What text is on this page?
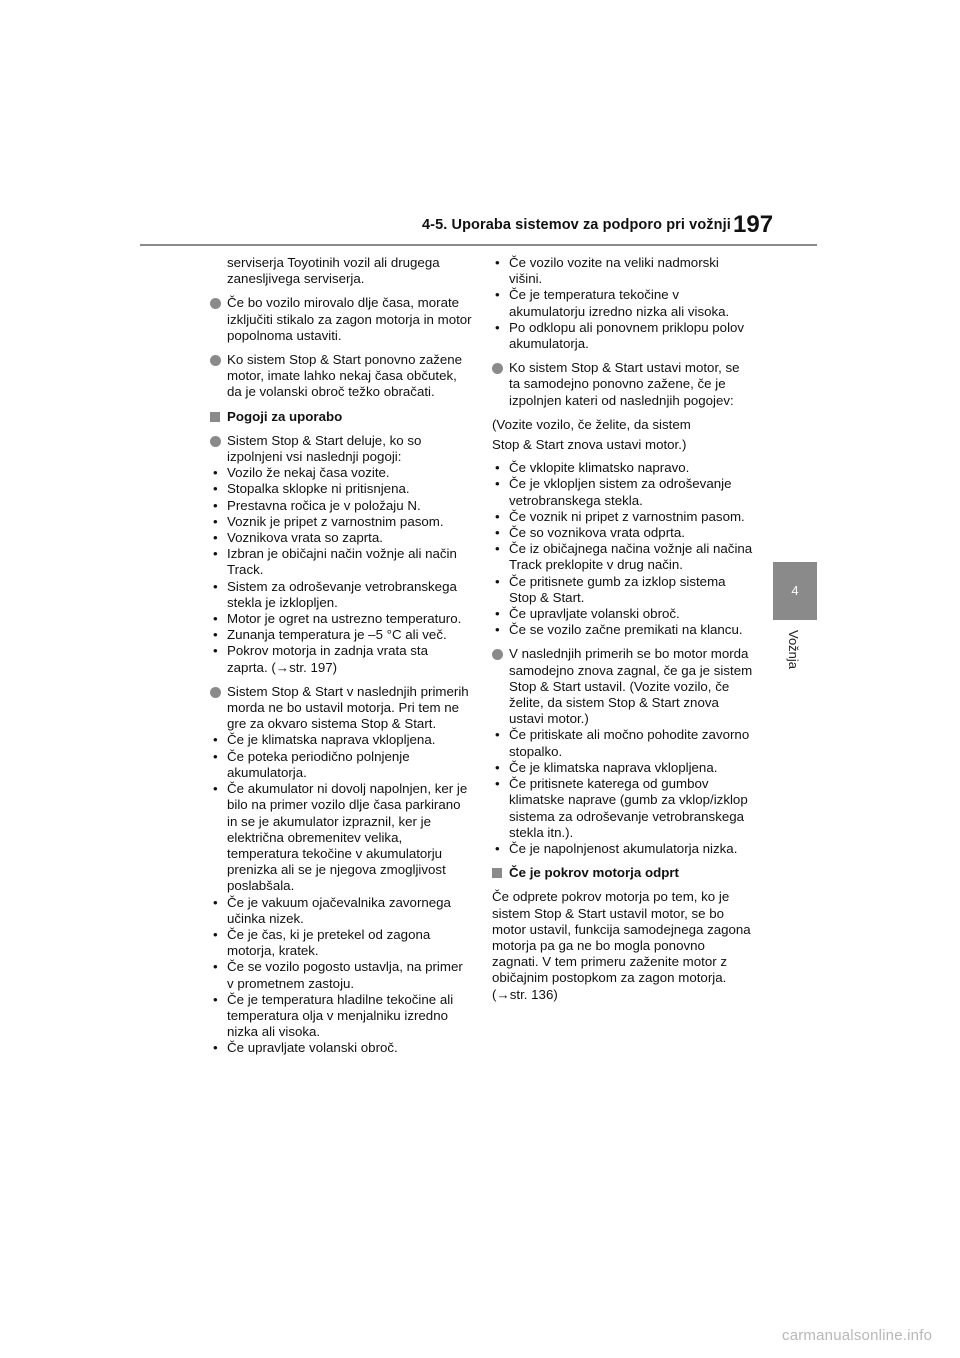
4-5. Uporaba sistemov za podporo pri vožnji 197
4
Vožnja
serviserja Toyotinih vozil ali drugega zanesljivega serviserja.
Če bo vozilo mirovalo dlje časa, morate izključiti stikalo za zagon motorja in motor popolnoma ustaviti.
Ko sistem Stop & Start ponovno zažene motor, imate lahko nekaj časa občutek, da je volanski obroč težko obračati.
Pogoji za uporabo
Sistem Stop & Start deluje, ko so izpolnjeni vsi naslednji pogoji:
• Vozilo že nekaj časa vozite.
• Stopalka sklopke ni pritisnjena.
• Prestavna ročica je v položaju N.
• Voznik je pripet z varnostnim pasom.
• Voznikova vrata so zaprta.
• Izbran je običajni način vožnje ali način Track.
• Sistem za odroševanje vetrobranskega stekla je izklopljen.
• Motor je ogret na ustrezno temperaturo.
• Zunanja temperatura je –5 °C ali več.
• Pokrov motorja in zadnja vrata sta zaprta. (→str. 197)
Sistem Stop & Start v naslednjih primerih morda ne bo ustavil motorja. Pri tem ne gre za okvaro sistema Stop & Start.
• Če je klimatska naprava vklopljena.
• Če poteka periodično polnjenje akumulatorja.
• Če akumulator ni dovolj napolnjen, ker je bilo na primer vozilo dlje časa parkirano in se je akumulator izpraznil, ker je električna obremenitev velika, temperatura tekočine v akumulatorju prenizka ali se je njegova zmogljivost poslabšala.
• Če je vakuum ojačevalnika zavornega učinka nizek.
• Če je čas, ki je pretekel od zagona motorja, kratek.
• Če se vozilo pogosto ustavlja, na primer v prometnem zastoju.
• Če je temperatura hladilne tekočine ali temperatura olja v menjalniku izredno nizka ali visoka.
• Če upravljate volanski obroč.
• Če vozilo vozite na veliki nadmorski višini.
• Če je temperatura tekočine v akumulatorju izredno nizka ali visoka.
• Po odklopu ali ponovnem priklopu polov akumulatorja.
Ko sistem Stop & Start ustavi motor, se ta samodejno ponovno zažene, če je izpolnjen kateri od naslednjih pogojev:
(Vozite vozilo, če želite, da sistem
Stop & Start znova ustavi motor.)
• Če vklopite klimatsko napravo.
• Če je vklopljen sistem za odroševanje vetrobranskega stekla.
• Če voznik ni pripet z varnostnim pasom.
• Če so voznikova vrata odprta.
• Če iz običajnega načina vožnje ali načina Track preklopite v drug način.
• Če pritisnete gumb za izklop sistema Stop & Start.
• Če upravljate volanski obroč.
• Če se vozilo začne premikati na klancu.
V naslednjih primerih se bo motor morda samodejno znova zagnal, če ga je sistem Stop & Start ustavil. (Vozite vozilo, če želite, da sistem Stop & Start znova ustavi motor.)
• Če pritiskate ali močno pohodite zavorno stopalko.
• Če je klimatska naprava vklopljena.
• Če pritisnete katerega od gumbov klimatske naprave (gumb za vklop/izklop sistema za odroševanje vetrobranskega stekla itn.).
• Če je napolnjenost akumulatorja nizka.
Če je pokrov motorja odprt
Če odprete pokrov motorja po tem, ko je sistem Stop & Start ustavil motor, se bo motor ustavil, funkcija samodejnega zagona motorja pa ga ne bo mogla ponovno zagnati. V tem primeru zaženite motor z običajnim postopkom za zagon motorja. (→str. 136)
carmanualsonline.info
